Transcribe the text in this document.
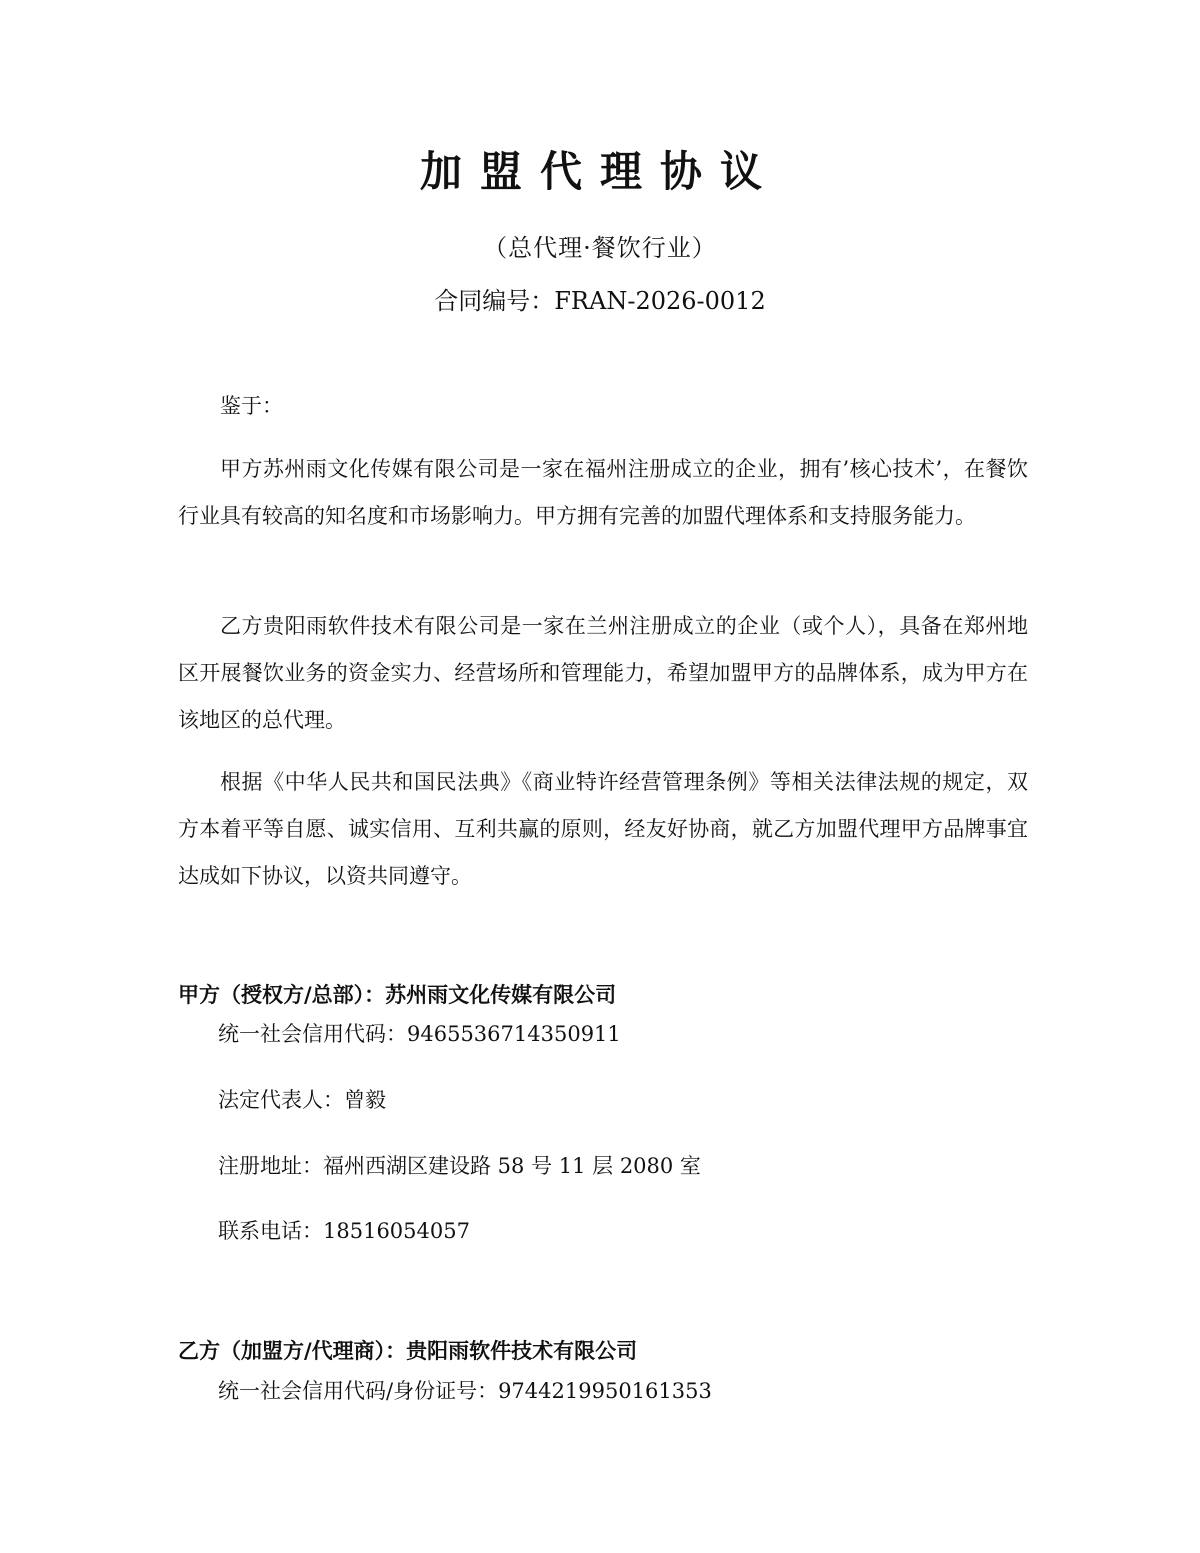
加盟代理协议
（总代理·餐饮行业）
合同编号：FRAN-2026-0012

鉴于：

甲方苏州雨文化传媒有限公司是一家在福州注册成立的企业，拥有’核心技术’，在餐饮行业具有较高的知名度和市场影响力。甲方拥有完善的加盟代理体系和支持服务能力。

乙方贵阳雨软件技术有限公司是一家在兰州注册成立的企业（或个人），具备在郑州地区开展餐饮业务的资金实力、经营场所和管理能力，希望加盟甲方的品牌体系，成为甲方在该地区的总代理。

根据《中华人民共和国民法典》《商业特许经营管理条例》等相关法律法规的规定，双方本着平等自愿、诚实信用、互利共赢的原则，经友好协商，就乙方加盟代理甲方品牌事宜达成如下协议，以资共同遵守。

甲方（授权方/总部）：苏州雨文化传媒有限公司
统一社会信用代码：9465536714350911
法定代表人：曾毅
注册地址：福州西湖区建设路 58 号 11 层 2080 室
联系电话：18516054057
乙方（加盟方/代理商）：贵阳雨软件技术有限公司
统一社会信用代码/身份证号：9744219950161353
